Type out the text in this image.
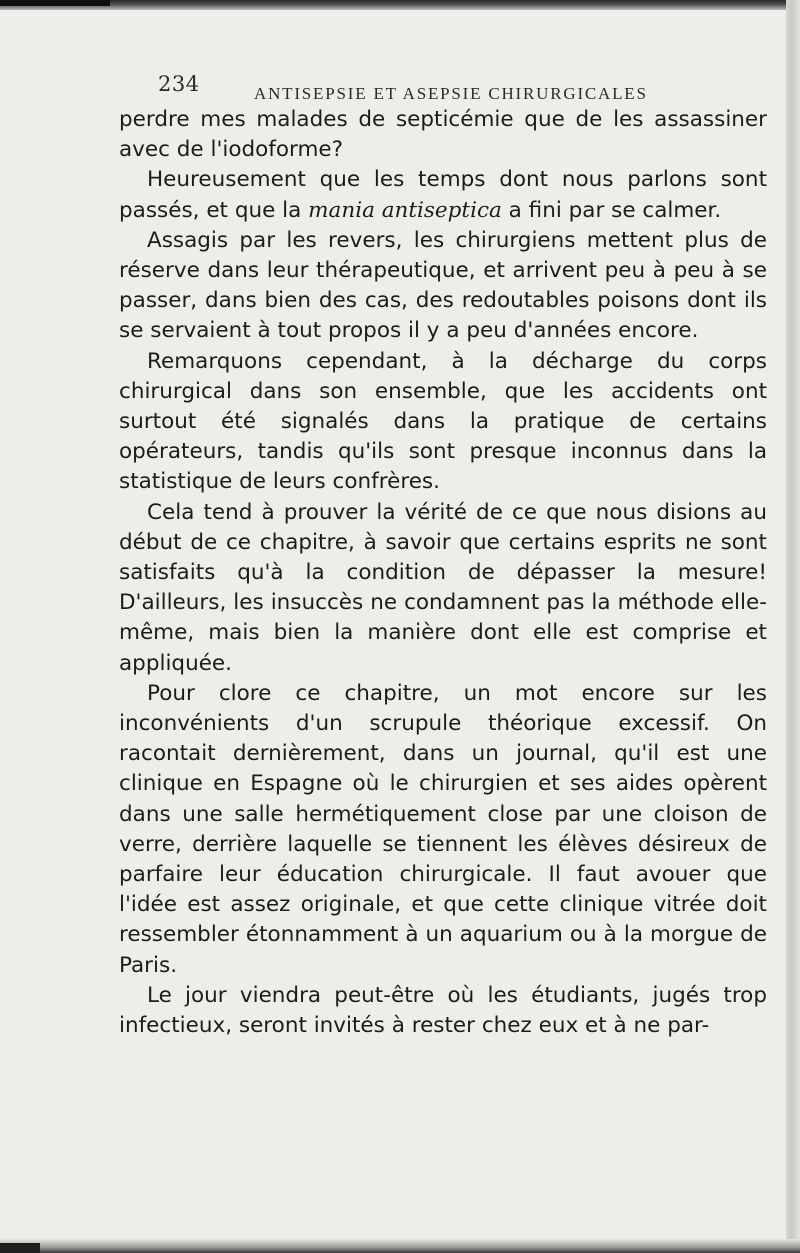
234	ANTISEPSIE ET ASEPSIE CHIRURGICALES

perdre mes malades de septicémie que de les assassiner avec de l'iodoforme?

Heureusement que les temps dont nous parlons sont passés, et que la mania antiseptica a fini par se calmer.

Assagis par les revers, les chirurgiens mettent plus de réserve dans leur thérapeutique, et arrivent peu à peu à se passer, dans bien des cas, des redoutables poisons dont ils se servaient à tout propos il y a peu d'années encore.

Remarquons cependant, à la décharge du corps chirurgical dans son ensemble, que les accidents ont surtout été signalés dans la pratique de certains opérateurs, tandis qu'ils sont presque inconnus dans la statistique de leurs confrères.

Cela tend à prouver la vérité de ce que nous disions au début de ce chapitre, à savoir que certains esprits ne sont satisfaits qu'à la condition de dépasser la mesure! D'ailleurs, les insuccès ne condamnent pas la méthode elle-même, mais bien la manière dont elle est comprise et appliquée.

Pour clore ce chapitre, un mot encore sur les inconvénients d'un scrupule théorique excessif. On racontait dernièrement, dans un journal, qu'il est une clinique en Espagne où le chirurgien et ses aides opèrent dans une salle hermétiquement close par une cloison de verre, derrière laquelle se tiennent les élèves désireux de parfaire leur éducation chirurgicale. Il faut avouer que l'idée est assez originale, et que cette clinique vitrée doit ressembler étonnamment à un aquarium ou à la morgue de Paris.

Le jour viendra peut-être où les étudiants, jugés trop infectieux, seront invités à rester chez eux et à ne par-
